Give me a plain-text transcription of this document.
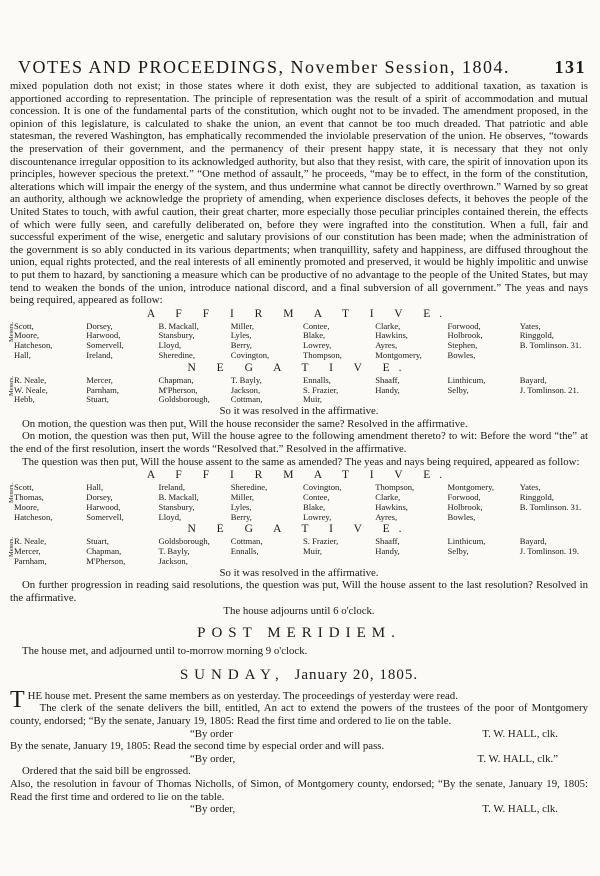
VOTES AND PROCEEDINGS, November Session, 1804. 131

mixed population doth not exist; in those states where it doth exist, they are subjected to additional taxation, as taxation is apportioned according to representation. The principle of representation was the result of a spirit of accommodation and mutual concession. It is one of the fundamental parts of the constitution, which ought not to be invaded. The amendment proposed, in the opinion of this legislature, is calculated to shake the union, an event that cannot be too much dreaded. That patriotic and able statesman, the revered Washington, has emphatically recommended the inviolable preservation of the union. He observes, “towards the preservation of their government, and the permanency of their present happy state, it is necessary that they not only discountenance irregular opposition to its acknowledged authority, but also that they resist, with care, the spirit of innovation upon its principles, however specious the pretext.” “One method of assault,” he proceeds, “may be to effect, in the form of the constitution, alterations which will impair the energy of the system, and thus undermine what cannot be directly overthrown.” Warned by so great an authority, although we acknowledge the propriety of amending, when experience discloses defects, it behoves the people of the United States to touch, with awful caution, their great charter, more especially those peculiar principles contained therein, the effects of which were fully seen, and carefully deliberated on, before they were ingrafted into the constitution. When a full, fair and successful experiment of the wise, energetic and salutary provisions of our constitution has been made; when the administration of the government is so ably conducted in its various departments; when tranquillity, safety and happiness, are diffused throughout the union, equal rights protected, and the real interests of all eminently promoted and preserved, it would be highly impolitic and unwise to put them to hazard, by sanctioning a measure which can be productive of no advantage to the people of the United States, but may tend to weaken the bonds of the union, introduce national discord, and a final subversion of all government.” The yeas and nays being required, appeared as follow:

A F F I R M A T I V E.
Messrs. Scott,	Dorsey,	B. Mackall,	Miller,	Contee,	Clarke,	Forwood,	Yates,
Moore,	Harwood,	Stansbury,	Lyles,	Blake,	Hawkins,	Holbrook,	Ringgold,
Hatcheson,	Somervell,	Lloyd,	Berry,	Lowrey,	Ayres,	Stephen,	B. Tomlinson. 31.
Hall,	Ireland,	Sheredine,	Covington,	Thompson,	Montgomery,	Bowles,	
N E G A T I V E.
Messrs. R. Neale,	Mercer,	Chapman,	T. Bayly,	Ennalls,	Shaaff,	Linthicum,	Bayard,
W. Neale,	Parnham,	M'Pherson,	Jackson,	S. Frazier,	Handy,	Selby,	J. Tomlinson. 21.
Hebb,	Stuart,	Goldsborough,	Cottman,	Muir,			
So it was resolved in the affirmative.

On motion, the question was then put, Will the house reconsider the same? Resolved in the affirmative.

On motion, the question was then put, Will the house agree to the following amendment thereto? to wit: Before the word “the” at the end of the first resolution, insert the words “Resolved that.” Resolved in the affirmative.

The question was then put, Will the house assent to the same as amended? The yeas and nays being required, appeared as follow:

A F F I R M A T I V E.
Messrs. Scott,	Hall,	Ireland,	Sheredine,	Covington,	Thompson,	Montgomery,	Yates,
Thomas,	Dorsey,	B. Mackall,	Miller,	Contee,	Clarke,	Forwood,	Ringgold,
Moore,	Harwood,	Stansbury,	Lyles,	Blake,	Hawkins,	Holbrook,	B. Tomlinson. 31.
Hatcheson,	Somervell,	Lloyd,	Berry,	Lowrey,	Ayres,	Bowles,	
N E G A T I V E.
Messrs. R. Neale,	Stuart,	Goldsborough,	Cottman,	S. Frazier,	Shaaff,	Linthicum,	Bayard,
Mercer,	Chapman,	T. Bayly,	Ennalls,	Muir,	Handy,	Selby,	J. Tomlinson. 19.
Parnham,	M'Pherson,	Jackson,					
So it was resolved in the affirmative.

On further progression in reading said resolutions, the question was put, Will the house assent to the last resolution? Resolved in the affirmative.

The house adjourns until 6 o'clock.
POST MERIDIEM.

The house met, and adjourned until to-morrow morning 9 o'clock.

SUNDAY, January 20, 1805.

T HE house met. Present the same members as on yesterday. The proceedings of yesterday were read.

The clerk of the senate delivers the bill, entitled, An act to extend the powers of the trustees of the poor of Montgomery county, endorsed; “By the senate, January 19, 1805: Read the first time and ordered to lie on the table.

“By order	T. W. HALL, clk.

By the senate, January 19, 1805: Read the second time by especial order and will pass.

“By order,	T. W. HALL, clk.”

Ordered that the said bill be engrossed.

Also, the resolution in favour of Thomas Nicholls, of Simon, of Montgomery county, endorsed; “By the senate, January 19, 1805: Read the first time and ordered to lie on the table.

“By order,	T. W. HALL, clk.
